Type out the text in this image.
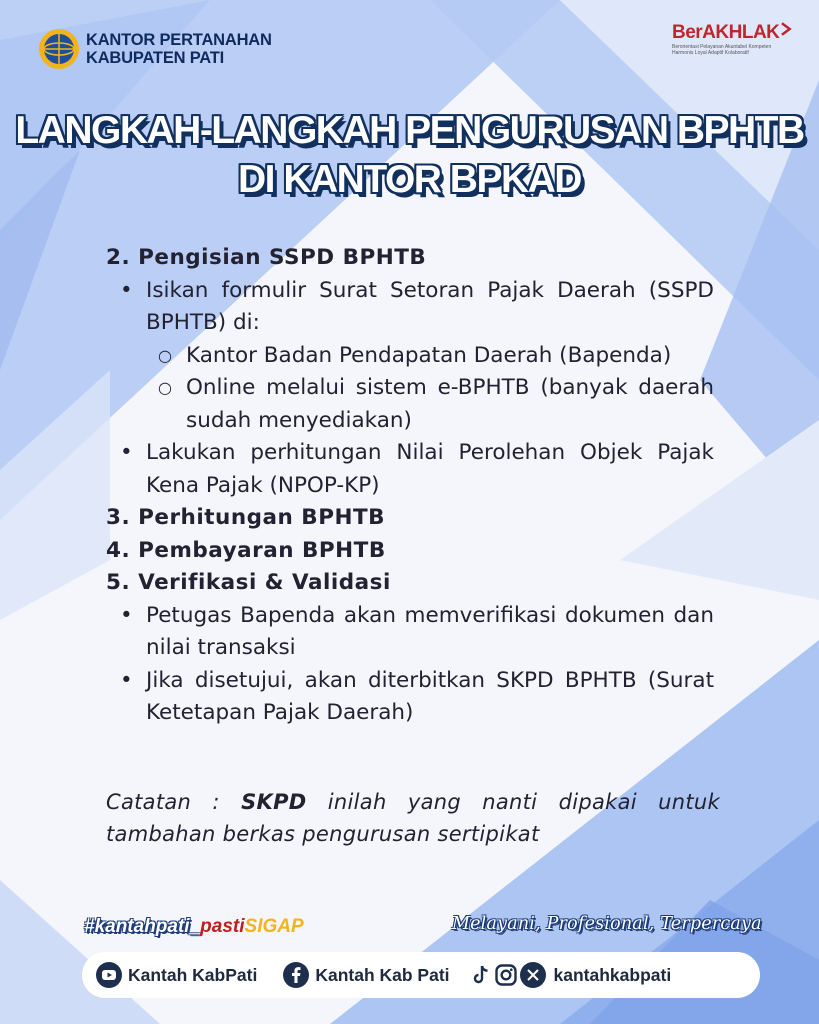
KANTOR PERTANAHAN
KABUPATEN PATI
BerAKHLAK
Berorientasi Pelayanan Akuntabel Kompeten Harmonis Loyal Adaptif Kolaboratif
LANGKAH-LANGKAH PENGURUSAN BPHTB
DI KANTOR BPKAD
2. Pengisian SSPD BPHTB
• Isikan formulir Surat Setoran Pajak Daerah (SSPD BPHTB) di:
○ Kantor Badan Pendapatan Daerah (Bapenda)
○ Online melalui sistem e-BPHTB (banyak daerah sudah menyediakan)
• Lakukan perhitungan Nilai Perolehan Objek Pajak Kena Pajak (NPOP-KP)
3. Perhitungan BPHTB
4. Pembayaran BPHTB
5. Verifikasi & Validasi
• Petugas Bapenda akan memverifikasi dokumen dan nilai transaksi
• Jika disetujui, akan diterbitkan SKPD BPHTB (Surat Ketetapan Pajak Daerah)
Catatan : SKPD inilah yang nanti dipakai untuk tambahan berkas pengurusan sertipikat
#kantahpati_pastiSIGAP	Melayani, Profesional, Terpercaya
Kantah KabPati	Kantah Kab Pati	kantahkabpati
